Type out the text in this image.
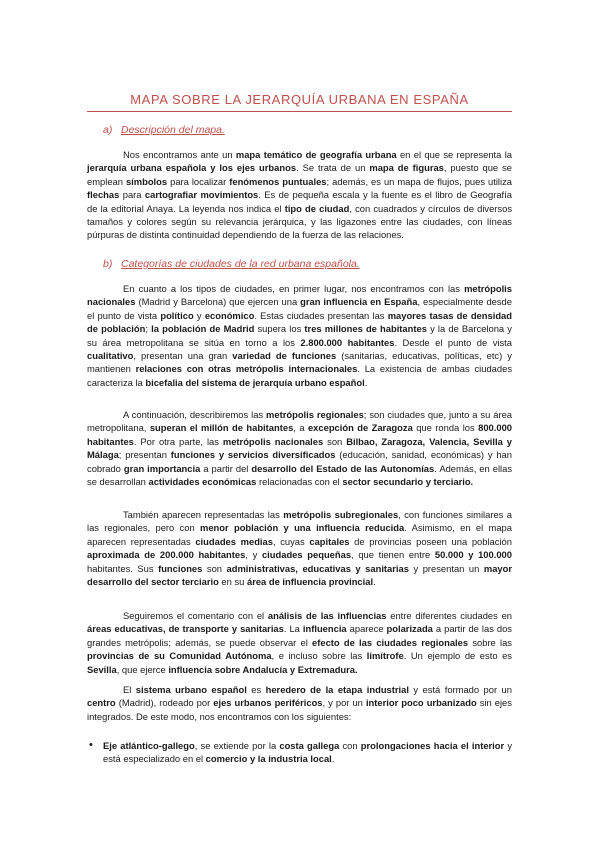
MAPA SOBRE LA JERARQUÍA URBANA EN ESPAÑA
a) Descripción del mapa.
Nos encontramos ante un mapa temático de geografía urbana en el que se representa la jerarquía urbana española y los ejes urbanos. Se trata de un mapa de figuras, puesto que se emplean símbolos para localizar fenómenos puntuales; además, es un mapa de flujos, pues utiliza flechas para cartografiar movimientos. Es de pequeña escala y la fuente es el libro de Geografía de la editorial Anaya. La leyenda nos indica el tipo de ciudad, con cuadrados y círculos de diversos tamaños y colores según su relevancia jerárquica, y las ligazones entre las ciudades, con líneas púrpuras de distinta continuidad dependiendo de la fuerza de las relaciones.
b) Categorías de ciudades de la red urbana española.
En cuanto a los tipos de ciudades, en primer lugar, nos encontramos con las metrópolis nacionales (Madrid y Barcelona) que ejercen una gran influencia en España, especialmente desde el punto de vista político y económico. Estas ciudades presentan las mayores tasas de densidad de población; la población de Madrid supera los tres millones de habitantes y la de Barcelona y su área metropolitana se sitúa en torno a los 2.800.000 habitantes. Desde el punto de vista cualitativo, presentan una gran variedad de funciones (sanitarias, educativas, políticas, etc) y mantienen relaciones con otras metrópolis internacionales. La existencia de ambas ciudades caracteriza la bicefalia del sistema de jerarquía urbano español.
A continuación, describiremos las metrópolis regionales; son ciudades que, junto a su área metropolitana, superan el millón de habitantes, a excepción de Zaragoza que ronda los 800.000 habitantes. Por otra parte, las metrópolis nacionales son Bilbao, Zaragoza, Valencia, Sevilla y Málaga; presentan funciones y servicios diversificados (educación, sanidad, económicas) y han cobrado gran importancia a partir del desarrollo del Estado de las Autonomías. Además, en ellas se desarrollan actividades económicas relacionadas con el sector secundario y terciario.
También aparecen representadas las metrópolis subregionales, con funciones similares a las regionales, pero con menor población y una influencia reducida. Asimismo, en el mapa aparecen representadas ciudades medias, cuyas capitales de provincias poseen una población aproximada de 200.000 habitantes, y ciudades pequeñas, que tienen entre 50.000 y 100.000 habitantes. Sus funciones son administrativas, educativas y sanitarias y presentan un mayor desarrollo del sector terciario en su área de influencia provincial.
Seguiremos el comentario con el análisis de las influencias entre diferentes ciudades en áreas educativas, de transporte y sanitarias. La influencia aparece polarizada a partir de las dos grandes metrópolis; además, se puede observar el efecto de las ciudades regionales sobre las provincias de su Comunidad Autónoma, e incluso sobre las limítrofe. Un ejemplo de esto es Sevilla, que ejerce influencia sobre Andalucía y Extremadura.
El sistema urbano español es heredero de la etapa industrial y está formado por un centro (Madrid), rodeado por ejes urbanos periféricos, y por un interior poco urbanizado sin ejes integrados. De este modo, nos encontramos con los siguientes:
• Eje atlántico-gallego, se extiende por la costa gallega con prolongaciones hacia el interior y está especializado en el comercio y la industria local.
